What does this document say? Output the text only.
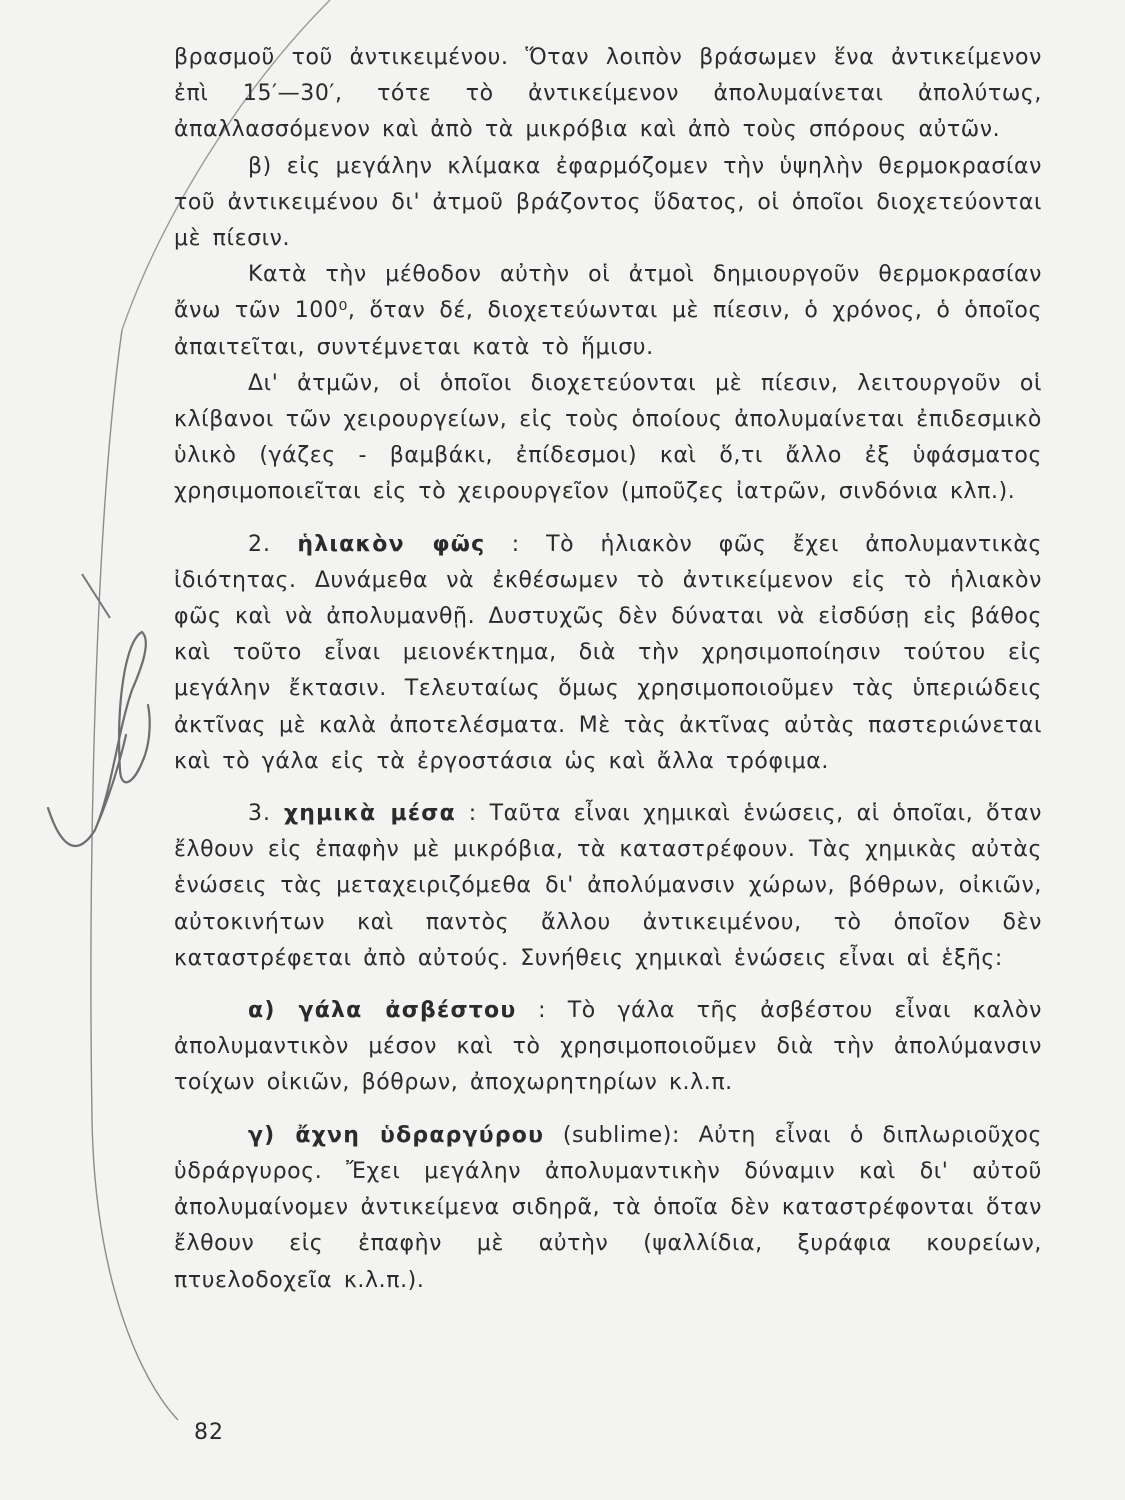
βρασμοῦ τοῦ ἀντικειμένου. Ὅταν λοιπὸν βράσωμεν ἕνα ἀντικείμενον ἐπὶ 15′—30′, τότε τὸ ἀντικείμενον ἀπολυμαίνεται ἀπολύτως, ἀπαλλασσόμενον καὶ ἀπὸ τὰ μικρόβια καὶ ἀπὸ τοὺς σπόρους αὐτῶν.

β) εἰς μεγάλην κλίμακα ἐφαρμόζομεν τὴν ὑψηλὴν θερμοκρασίαν τοῦ ἀντικειμένου δι' ἀτμοῦ βράζοντος ὕδατος, οἱ ὁποῖοι διοχετεύονται μὲ πίεσιν.

Κατὰ τὴν μέθοδον αὐτὴν οἱ ἀτμοὶ δημιουργοῦν θερμοκρασίαν ἄνω τῶν 100⁰, ὅταν δέ, διοχετεύωνται μὲ πίεσιν, ὁ χρόνος, ὁ ὁποῖος ἀπαιτεῖται, συντέμνεται κατὰ τὸ ἥμισυ.

Δι' ἀτμῶν, οἱ ὁποῖοι διοχετεύονται μὲ πίεσιν, λειτουργοῦν οἱ κλίβανοι τῶν χειρουργείων, εἰς τοὺς ὁποίους ἀπολυμαίνεται ἐπιδεσμικὸ ὑλικὸ (γάζες - βαμβάκι, ἐπίδεσμοι) καὶ ὅ,τι ἄλλο ἐξ ὑφάσματος χρησιμοποιεῖται εἰς τὸ χειρουργεῖον (μποῦζες ἰατρῶν, σινδόνια κλπ.).

2. ἡλιακὸν φῶς : Τὸ ἡλιακὸν φῶς ἔχει ἀπολυμαντικὰς ἰδιότητας. Δυνάμεθα νὰ ἐκθέσωμεν τὸ ἀντικείμενον εἰς τὸ ἡλιακὸν φῶς καὶ νὰ ἀπολυμανθῇ. Δυστυχῶς δὲν δύναται νὰ εἰσδύσῃ εἰς βάθος καὶ τοῦτο εἶναι μειονέκτημα, διὰ τὴν χρησιμοποίησιν τούτου εἰς μεγάλην ἔκτασιν. Τελευταίως ὅμως χρησιμοποιοῦμεν τὰς ὑπεριώδεις ἀκτῖνας μὲ καλὰ ἀποτελέσματα. Μὲ τὰς ἀκτῖνας αὐτὰς παστεριώνεται καὶ τὸ γάλα εἰς τὰ ἐργοστάσια ὡς καὶ ἄλλα τρόφιμα.

3. χημικὰ μέσα : Ταῦτα εἶναι χημικαὶ ἑνώσεις, αἱ ὁποῖαι, ὅταν ἔλθουν εἰς ἐπαφὴν μὲ μικρόβια, τὰ καταστρέφουν. Τὰς χημικὰς αὐτὰς ἑνώσεις τὰς μεταχειριζόμεθα δι' ἀπολύμανσιν χώρων, βόθρων, οἰκιῶν, αὐτοκινήτων καὶ παντὸς ἄλλου ἀντικειμένου, τὸ ὁποῖον δὲν καταστρέφεται ἀπὸ αὐτούς. Συνήθεις χημικαὶ ἑνώσεις εἶναι αἱ ἑξῆς:

α) γάλα ἀσβέστου : Τὸ γάλα τῆς ἀσβέστου εἶναι καλὸν ἀπολυμαντικὸν μέσον καὶ τὸ χρησιμοποιοῦμεν διὰ τὴν ἀπολύμανσιν τοίχων οἰκιῶν, βόθρων, ἀποχωρητηρίων κ.λ.π.

γ) ἄχνη ὑδραργύρου (sublime): Αὐτη εἶναι ὁ διπλωριοῦχος ὑδράργυρος. Ἔχει μεγάλην ἀπολυμαντικὴν δύναμιν καὶ δι' αὐτοῦ ἀπολυμαίνομεν ἀντικείμενα σιδηρᾶ, τὰ ὁποῖα δὲν καταστρέφονται ὅταν ἔλθουν εἰς ἐπαφὴν μὲ αὐτὴν (ψαλλίδια, ξυράφια κουρείων, πτυελοδοχεῖα κ.λ.π.).

82
